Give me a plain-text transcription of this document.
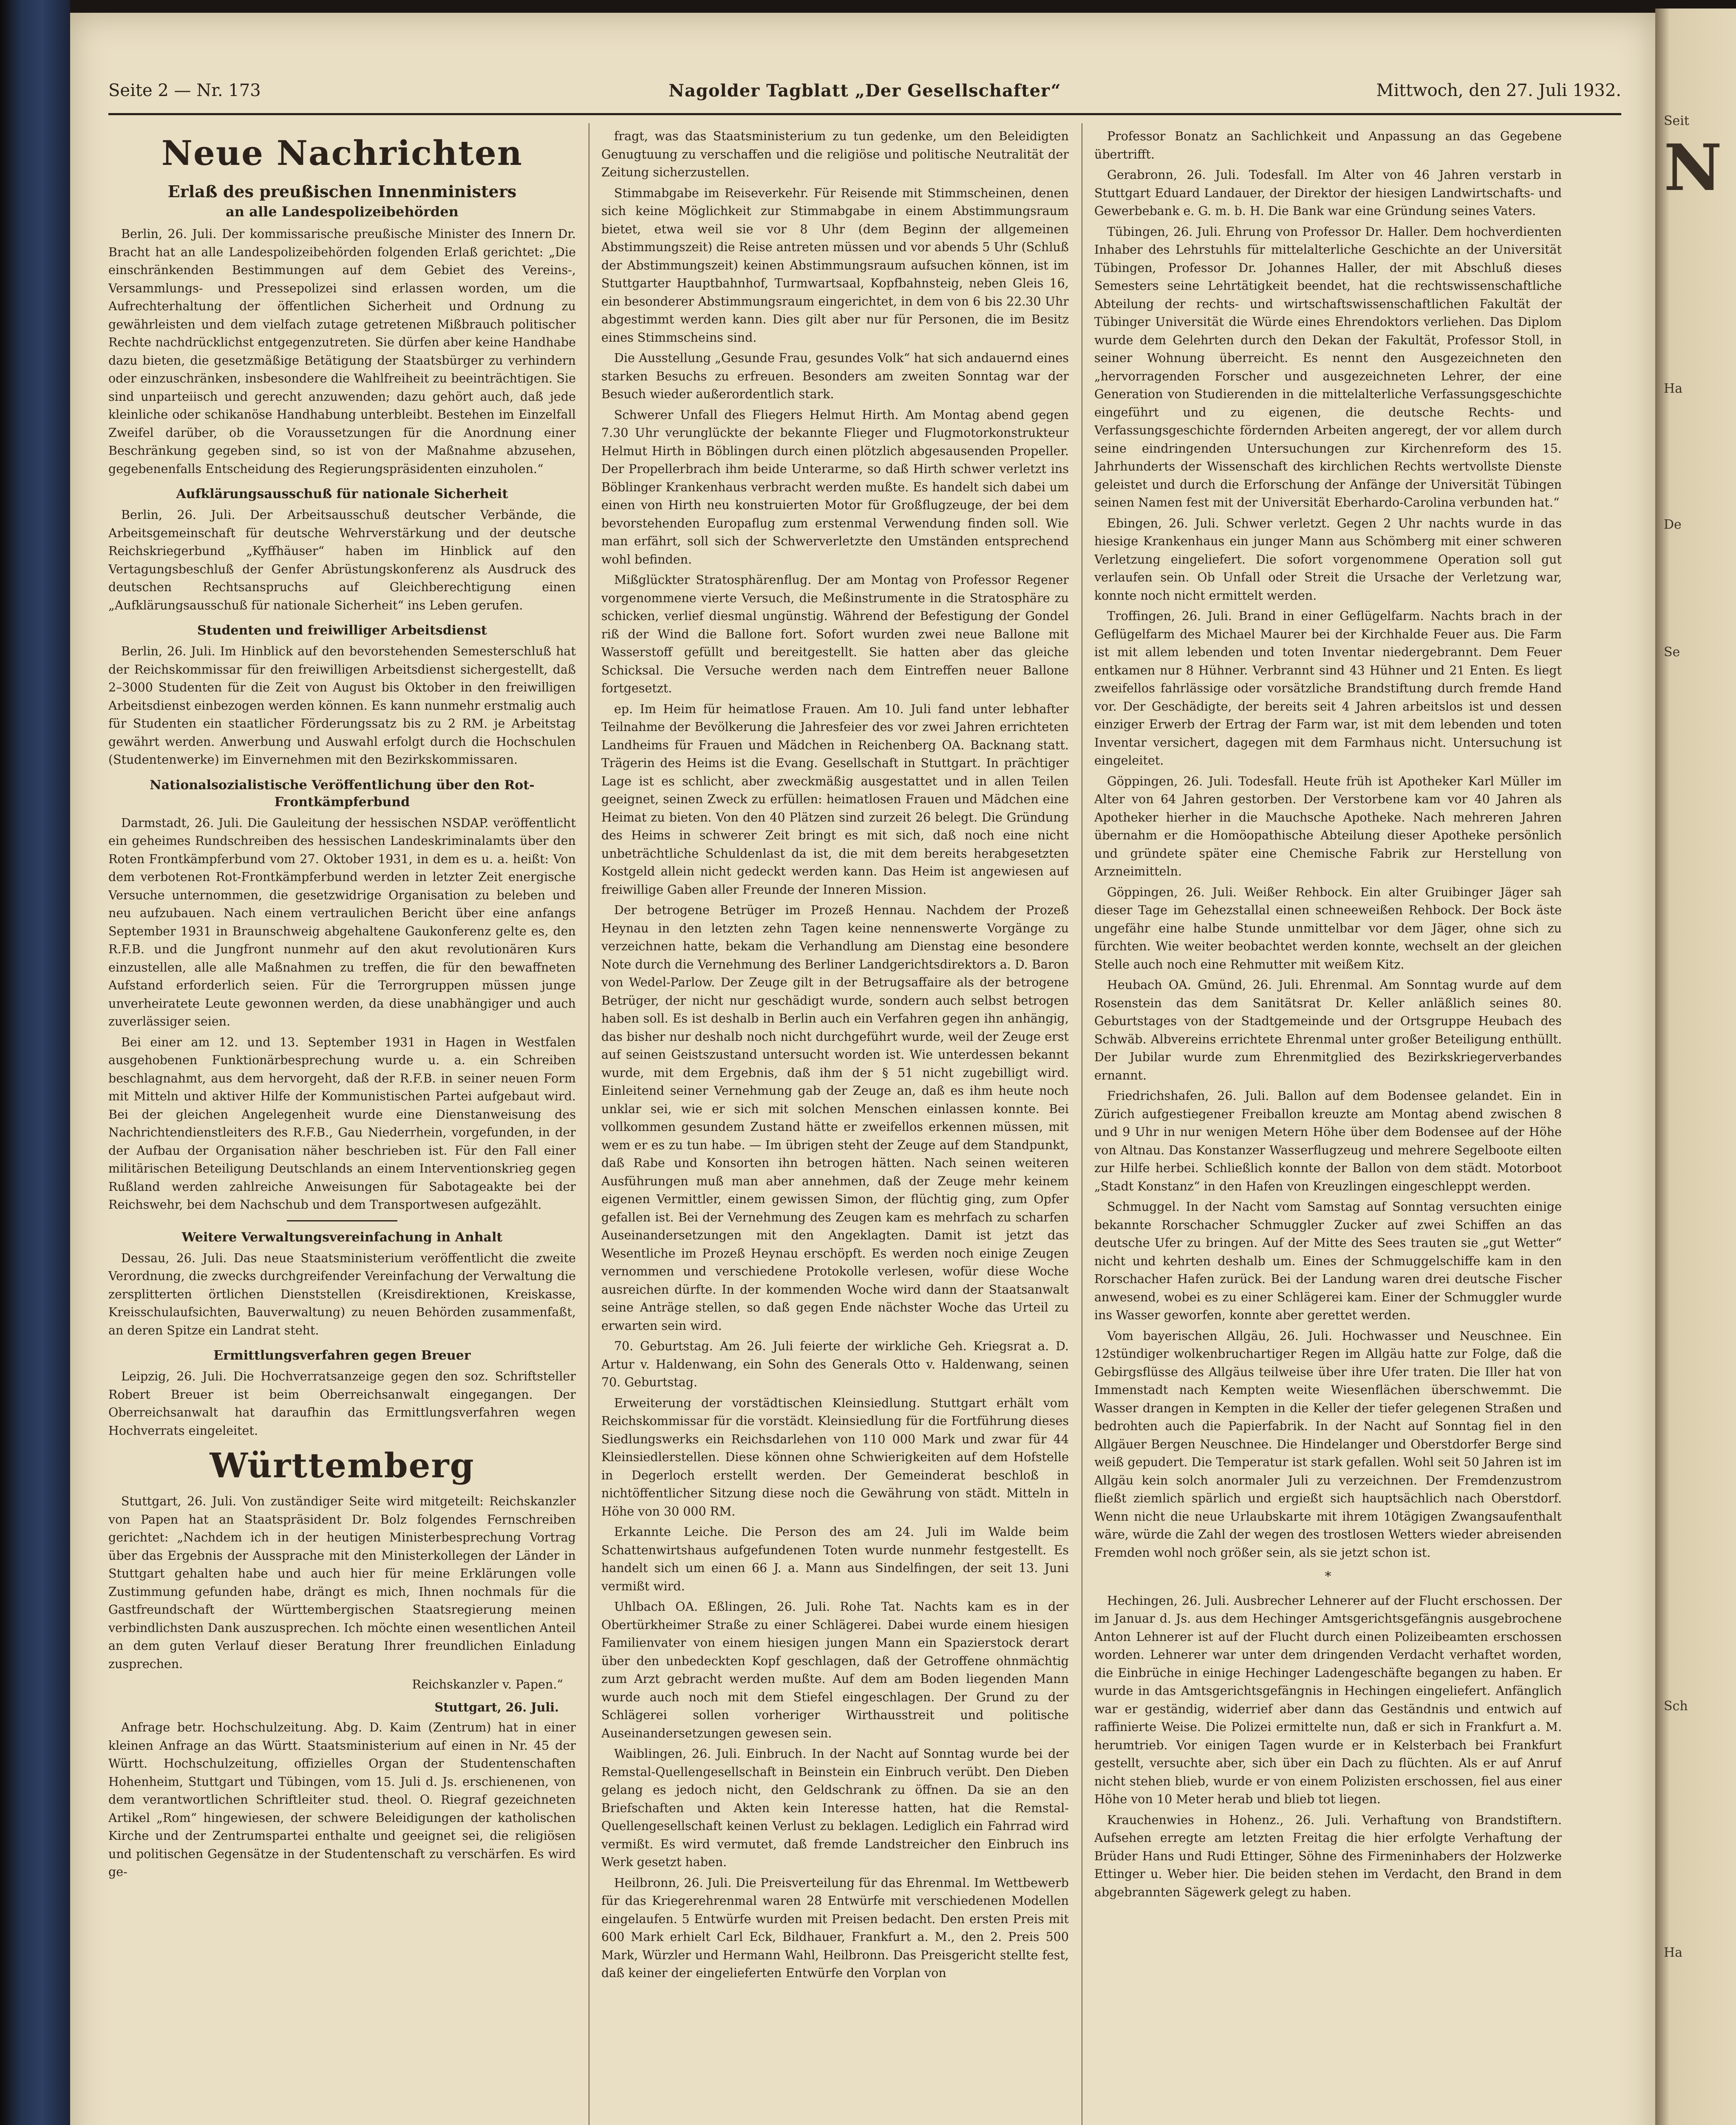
Seite 2 — Nr. 173	Nagolder Tagblatt „Der Gesellschafter“	Mittwoch, den 27. Juli 1932.
Neue Nachrichten
Erlaß des preußischen Innenministers
an alle Landespolizeibehörden

Berlin, 26. Juli. Der kommissarische preußische Minister des Innern Dr. Bracht hat an alle Landespolizeibehörden folgenden Erlaß gerichtet: „Die einschränkenden Bestimmungen auf dem Gebiet des Vereins-, Versammlungs- und Pressepolizei sind erlassen worden, um die Aufrechterhaltung der öffentlichen Sicherheit und Ordnung zu gewährleisten und dem vielfach zutage getretenen Mißbrauch politischer Rechte nachdrücklichst entgegenzutreten. Sie dürfen aber keine Handhabe dazu bieten, die gesetzmäßige Betätigung der Staatsbürger zu verhindern oder einzuschränken, insbesondere die Wahlfreiheit zu beeinträchtigen. Sie sind unparteiisch und gerecht anzuwenden; dazu gehört auch, daß jede kleinliche oder schikanöse Handhabung unterbleibt. Bestehen im Einzelfall Zweifel darüber, ob die Voraussetzungen für die Anordnung einer Beschränkung gegeben sind, so ist von der Maßnahme abzusehen, gegebenenfalls Entscheidung des Regierungspräsidenten einzuholen.“

Aufklärungsausschuß für nationale Sicherheit

Berlin, 26. Juli. Der Arbeitsausschuß deutscher Verbände, die Arbeitsgemeinschaft für deutsche Wehrverstärkung und der deutsche Reichskriegerbund „Kyffhäuser“ haben im Hinblick auf den Vertagungsbeschluß der Genfer Abrüstungskonferenz als Ausdruck des deutschen Rechtsanspruchs auf Gleichberechtigung einen „Aufklärungsausschuß für nationale Sicherheit“ ins Leben gerufen.

Studenten und freiwilliger Arbeitsdienst

Berlin, 26. Juli. Im Hinblick auf den bevorstehenden Semesterschluß hat der Reichskommissar für den freiwilligen Arbeitsdienst sichergestellt, daß 2–3000 Studenten für die Zeit von August bis Oktober in den freiwilligen Arbeitsdienst einbezogen werden können. Es kann nunmehr erstmalig auch für Studenten ein staatlicher Förderungssatz bis zu 2 RM. je Arbeitstag gewährt werden. Anwerbung und Auswahl erfolgt durch die Hochschulen (Studentenwerke) im Einvernehmen mit den Bezirkskommissaren.

Nationalsozialistische Veröffentlichung über den Rot-Frontkämpferbund

Darmstadt, 26. Juli. Die Gauleitung der hessischen NSDAP. veröffentlicht ein geheimes Rundschreiben des hessischen Landeskriminalamts über den Roten Frontkämpferbund vom 27. Oktober 1931, in dem es u. a. heißt: Von dem verbotenen Rot-Frontkämpferbund werden in letzter Zeit energische Versuche unternommen, die gesetzwidrige Organisation zu beleben und neu aufzubauen. Nach einem vertraulichen Bericht über eine anfangs September 1931 in Braunschweig abgehaltene Gaukonferenz gelte es, den R.F.B. und die Jungfront nunmehr auf den akut revolutionären Kurs einzustellen, alle alle Maßnahmen zu treffen, die für den bewaffneten Aufstand erforderlich seien. Für die Terrorgruppen müssen junge unverheiratete Leute gewonnen werden, da diese unabhängiger und auch zuverlässiger seien.

Bei einer am 12. und 13. September 1931 in Hagen in Westfalen ausgehobenen Funktionärbesprechung wurde u. a. ein Schreiben beschlagnahmt, aus dem hervorgeht, daß der R.F.B. in seiner neuen Form mit Mitteln und aktiver Hilfe der Kommunistischen Partei aufgebaut wird. Bei der gleichen Angelegenheit wurde eine Dienstanweisung des Nachrichtendienstleiters des R.F.B., Gau Niederrhein, vorgefunden, in der der Aufbau der Organisation näher beschrieben ist. Für den Fall einer militärischen Beteiligung Deutschlands an einem Interventionskrieg gegen Rußland werden zahlreiche Anweisungen für Sabotageakte bei der Reichswehr, bei dem Nachschub und dem Transportwesen aufgezählt.

Weitere Verwaltungsvereinfachung in Anhalt

Dessau, 26. Juli. Das neue Staatsministerium veröffentlicht die zweite Verordnung, die zwecks durchgreifender Vereinfachung der Verwaltung die zersplitterten örtlichen Dienststellen (Kreisdirektionen, Kreiskasse, Kreisschulaufsichten, Bauverwaltung) zu neuen Behörden zusammenfaßt, an deren Spitze ein Landrat steht.

Ermittlungsverfahren gegen Breuer

Leipzig, 26. Juli. Die Hochverratsanzeige gegen den soz. Schriftsteller Robert Breuer ist beim Oberreichsanwalt eingegangen. Der Oberreichsanwalt hat daraufhin das Ermittlungsverfahren wegen Hochverrats eingeleitet.

Württemberg

Stuttgart, 26. Juli. Von zuständiger Seite wird mitgeteilt: Reichskanzler von Papen hat an Staatspräsident Dr. Bolz folgendes Fernschreiben gerichtet: „Nachdem ich in der heutigen Ministerbesprechung Vortrag über das Ergebnis der Aussprache mit den Ministerkollegen der Länder in Stuttgart gehalten habe und auch hier für meine Erklärungen volle Zustimmung gefunden habe, drängt es mich, Ihnen nochmals für die Gastfreundschaft der Württembergischen Staatsregierung meinen verbindlichsten Dank auszusprechen. Ich möchte einen wesentlichen Anteil an dem guten Verlauf dieser Beratung Ihrer freundlichen Einladung zusprechen.

Reichskanzler v. Papen.“
Stuttgart, 26. Juli.

Anfrage betr. Hochschulzeitung. Abg. D. Kaim (Zentrum) hat in einer kleinen Anfrage an das Württ. Staatsministerium auf einen in Nr. 45 der Württ. Hochschulzeitung, offizielles Organ der Studentenschaften Hohenheim, Stuttgart und Tübingen, vom 15. Juli d. Js. erschienenen, von dem verantwortlichen Schriftleiter stud. theol. O. Riegraf gezeichneten Artikel „Rom“ hingewiesen, der schwere Beleidigungen der katholischen Kirche und der Zentrumspartei enthalte und geeignet sei, die religiösen und politischen Gegensätze in der Studentenschaft zu verschärfen. Es wird ge-

fragt, was das Staatsministerium zu tun gedenke, um den Beleidigten Genugtuung zu verschaffen und die religiöse und politische Neutralität der Zeitung sicherzustellen.

Stimmabgabe im Reiseverkehr. Für Reisende mit Stimmscheinen, denen sich keine Möglichkeit zur Stimmabgabe in einem Abstimmungsraum bietet, etwa weil sie vor 8 Uhr (dem Beginn der allgemeinen Abstimmungszeit) die Reise antreten müssen und vor abends 5 Uhr (Schluß der Abstimmungszeit) keinen Abstimmungsraum aufsuchen können, ist im Stuttgarter Hauptbahnhof, Turmwartsaal, Kopfbahnsteig, neben Gleis 16, ein besonderer Abstimmungsraum eingerichtet, in dem von 6 bis 22.30 Uhr abgestimmt werden kann. Dies gilt aber nur für Personen, die im Besitz eines Stimmscheins sind.

Die Ausstellung „Gesunde Frau, gesundes Volk“ hat sich andauernd eines starken Besuchs zu erfreuen. Besonders am zweiten Sonntag war der Besuch wieder außerordentlich stark.

Schwerer Unfall des Fliegers Helmut Hirth. Am Montag abend gegen 7.30 Uhr verunglückte der bekannte Flieger und Flugmotorkonstrukteur Helmut Hirth in Böblingen durch einen plötzlich abgesausenden Propeller. Der Propellerbrach ihm beide Unterarme, so daß Hirth schwer verletzt ins Böblinger Krankenhaus verbracht werden mußte. Es handelt sich dabei um einen von Hirth neu konstruierten Motor für Großflugzeuge, der bei dem bevorstehenden Europaflug zum erstenmal Verwendung finden soll. Wie man erfährt, soll sich der Schwerverletzte den Umständen entsprechend wohl befinden.

Mißglückter Stratosphärenflug. Der am Montag von Professor Regener vorgenommene vierte Versuch, die Meßinstrumente in die Stratosphäre zu schicken, verlief diesmal ungünstig. Während der Befestigung der Gondel riß der Wind die Ballone fort. Sofort wurden zwei neue Ballone mit Wasserstoff gefüllt und bereitgestellt. Sie hatten aber das gleiche Schicksal. Die Versuche werden nach dem Eintreffen neuer Ballone fortgesetzt.

ep. Im Heim für heimatlose Frauen. Am 10. Juli fand unter lebhafter Teilnahme der Bevölkerung die Jahresfeier des vor zwei Jahren errichteten Landheims für Frauen und Mädchen in Reichenberg OA. Backnang statt. Trägerin des Heims ist die Evang. Gesellschaft in Stuttgart. In prächtiger Lage ist es schlicht, aber zweckmäßig ausgestattet und in allen Teilen geeignet, seinen Zweck zu erfüllen: heimatlosen Frauen und Mädchen eine Heimat zu bieten. Von den 40 Plätzen sind zurzeit 26 belegt. Die Gründung des Heims in schwerer Zeit bringt es mit sich, daß noch eine nicht unbeträchtliche Schuldenlast da ist, die mit dem bereits herabgesetzten Kostgeld allein nicht gedeckt werden kann. Das Heim ist angewiesen auf freiwillige Gaben aller Freunde der Inneren Mission.

Der betrogene Betrüger im Prozeß Hennau. Nachdem der Prozeß Heynau in den letzten zehn Tagen keine nennenswerte Vorgänge zu verzeichnen hatte, bekam die Verhandlung am Dienstag eine besondere Note durch die Vernehmung des Berliner Landgerichtsdirektors a. D. Baron von Wedel-Parlow. Der Zeuge gilt in der Betrugsaffaire als der betrogene Betrüger, der nicht nur geschädigt wurde, sondern auch selbst betrogen haben soll. Es ist deshalb in Berlin auch ein Verfahren gegen ihn anhängig, das bisher nur deshalb noch nicht durchgeführt wurde, weil der Zeuge erst auf seinen Geistszustand untersucht worden ist. Wie unterdessen bekannt wurde, mit dem Ergebnis, daß ihm der § 51 nicht zugebilligt wird. Einleitend seiner Vernehmung gab der Zeuge an, daß es ihm heute noch unklar sei, wie er sich mit solchen Menschen einlassen konnte. Bei vollkommen gesundem Zustand hätte er zweifellos erkennen müssen, mit wem er es zu tun habe. — Im übrigen steht der Zeuge auf dem Standpunkt, daß Rabe und Konsorten ihn betrogen hätten. Nach seinen weiteren Ausführungen muß man aber annehmen, daß der Zeuge mehr keinem eigenen Vermittler, einem gewissen Simon, der flüchtig ging, zum Opfer gefallen ist. Bei der Vernehmung des Zeugen kam es mehrfach zu scharfen Auseinandersetzungen mit den Angeklagten. Damit ist jetzt das Wesentliche im Prozeß Heynau erschöpft. Es werden noch einige Zeugen vernommen und verschiedene Protokolle verlesen, wofür diese Woche ausreichen dürfte. In der kommenden Woche wird dann der Staatsanwalt seine Anträge stellen, so daß gegen Ende nächster Woche das Urteil zu erwarten sein wird.

70. Geburtstag. Am 26. Juli feierte der wirkliche Geh. Kriegsrat a. D. Artur v. Haldenwang, ein Sohn des Generals Otto v. Haldenwang, seinen 70. Geburtstag.

Erweiterung der vorstädtischen Kleinsiedlung. Stuttgart erhält vom Reichskommissar für die vorstädt. Kleinsiedlung für die Fortführung dieses Siedlungswerks ein Reichsdarlehen von 110 000 Mark und zwar für 44 Kleinsiedlerstellen. Diese können ohne Schwierigkeiten auf dem Hofstelle in Degerloch erstellt werden. Der Gemeinderat beschloß in nichtöffentlicher Sitzung diese noch die Gewährung von städt. Mitteln in Höhe von 30 000 RM.

Erkannte Leiche. Die Person des am 24. Juli im Walde beim Schattenwirtshaus aufgefundenen Toten wurde nunmehr festgestellt. Es handelt sich um einen 66 J. a. Mann aus Sindelfingen, der seit 13. Juni vermißt wird.

Uhlbach OA. Eßlingen, 26. Juli. Rohe Tat. Nachts kam es in der Obertürkheimer Straße zu einer Schlägerei. Dabei wurde einem hiesigen Familienvater von einem hiesigen jungen Mann ein Spazierstock derart über den unbedeckten Kopf geschlagen, daß der Getroffene ohnmächtig zum Arzt gebracht werden mußte. Auf dem am Boden liegenden Mann wurde auch noch mit dem Stiefel eingeschlagen. Der Grund zu der Schlägerei sollen vorheriger Wirthausstreit und politische Auseinandersetzungen gewesen sein.

Waiblingen, 26. Juli. Einbruch. In der Nacht auf Sonntag wurde bei der Remstal-Quellengesellschaft in Beinstein ein Einbruch verübt. Den Dieben gelang es jedoch nicht, den Geldschrank zu öffnen. Da sie an den Briefschaften und Akten kein Interesse hatten, hat die Remstal-Quellengesellschaft keinen Verlust zu beklagen. Lediglich ein Fahrrad wird vermißt. Es wird vermutet, daß fremde Landstreicher den Einbruch ins Werk gesetzt haben.

Heilbronn, 26. Juli. Die Preisverteilung für das Ehrenmal. Im Wettbewerb für das Kriegerehrenmal waren 28 Entwürfe mit verschiedenen Modellen eingelaufen. 5 Entwürfe wurden mit Preisen bedacht. Den ersten Preis mit 600 Mark erhielt Carl Eck, Bildhauer, Frankfurt a. M., den 2. Preis 500 Mark, Würzler und Hermann Wahl, Heilbronn. Das Preisgericht stellte fest, daß keiner der eingelieferten Entwürfe den Vorplan von

Professor Bonatz an Sachlichkeit und Anpassung an das Gegebene übertrifft.

Gerabronn, 26. Juli. Todesfall. Im Alter von 46 Jahren verstarb in Stuttgart Eduard Landauer, der Direktor der hiesigen Landwirtschafts- und Gewerbebank e. G. m. b. H. Die Bank war eine Gründung seines Vaters.

Tübingen, 26. Juli. Ehrung von Professor Dr. Haller. Dem hochverdienten Inhaber des Lehrstuhls für mittelalterliche Geschichte an der Universität Tübingen, Professor Dr. Johannes Haller, der mit Abschluß dieses Semesters seine Lehrtätigkeit beendet, hat die rechtswissenschaftliche Abteilung der rechts- und wirtschaftswissenschaftlichen Fakultät der Tübinger Universität die Würde eines Ehrendoktors verliehen. Das Diplom wurde dem Gelehrten durch den Dekan der Fakultät, Professor Stoll, in seiner Wohnung überreicht. Es nennt den Ausgezeichneten den „hervorragenden Forscher und ausgezeichneten Lehrer, der eine Generation von Studierenden in die mittelalterliche Verfassungsgeschichte eingeführt und zu eigenen, die deutsche Rechts- und Verfassungsgeschichte fördernden Arbeiten angeregt, der vor allem durch seine eindringenden Untersuchungen zur Kirchenreform des 15. Jahrhunderts der Wissenschaft des kirchlichen Rechts wertvollste Dienste geleistet und durch die Erforschung der Anfänge der Universität Tübingen seinen Namen fest mit der Universität Eberhardo-Carolina verbunden hat.“

Ebingen, 26. Juli. Schwer verletzt. Gegen 2 Uhr nachts wurde in das hiesige Krankenhaus ein junger Mann aus Schömberg mit einer schweren Verletzung eingeliefert. Die sofort vorgenommene Operation soll gut verlaufen sein. Ob Unfall oder Streit die Ursache der Verletzung war, konnte noch nicht ermittelt werden.

Troffingen, 26. Juli. Brand in einer Geflügelfarm. Nachts brach in der Geflügelfarm des Michael Maurer bei der Kirchhalde Feuer aus. Die Farm ist mit allem lebenden und toten Inventar niedergebrannt. Dem Feuer entkamen nur 8 Hühner. Verbrannt sind 43 Hühner und 21 Enten. Es liegt zweifellos fahrlässige oder vorsätzliche Brandstiftung durch fremde Hand vor. Der Geschädigte, der bereits seit 4 Jahren arbeitslos ist und dessen einziger Erwerb der Ertrag der Farm war, ist mit dem lebenden und toten Inventar versichert, dagegen mit dem Farmhaus nicht. Untersuchung ist eingeleitet.

Göppingen, 26. Juli. Todesfall. Heute früh ist Apotheker Karl Müller im Alter von 64 Jahren gestorben. Der Verstorbene kam vor 40 Jahren als Apotheker hierher in die Mauchsche Apotheke. Nach mehreren Jahren übernahm er die Homöopathische Abteilung dieser Apotheke persönlich und gründete später eine Chemische Fabrik zur Herstellung von Arzneimitteln.

Göppingen, 26. Juli. Weißer Rehbock. Ein alter Gruibinger Jäger sah dieser Tage im Gehezstallal einen schneeweißen Rehbock. Der Bock äste ungefähr eine halbe Stunde unmittelbar vor dem Jäger, ohne sich zu fürchten. Wie weiter beobachtet werden konnte, wechselt an der gleichen Stelle auch noch eine Rehmutter mit weißem Kitz.

Heubach OA. Gmünd, 26. Juli. Ehrenmal. Am Sonntag wurde auf dem Rosenstein das dem Sanitätsrat Dr. Keller anläßlich seines 80. Geburtstages von der Stadtgemeinde und der Ortsgruppe Heubach des Schwäb. Albvereins errichtete Ehrenmal unter großer Beteiligung enthüllt. Der Jubilar wurde zum Ehrenmitglied des Bezirkskriegerverbandes ernannt.

Friedrichshafen, 26. Juli. Ballon auf dem Bodensee gelandet. Ein in Zürich aufgestiegener Freiballon kreuzte am Montag abend zwischen 8 und 9 Uhr in nur wenigen Metern Höhe über dem Bodensee auf der Höhe von Altnau. Das Konstanzer Wasserflugzeug und mehrere Segelboote eilten zur Hilfe herbei. Schließlich konnte der Ballon von dem städt. Motorboot „Stadt Konstanz“ in den Hafen von Kreuzlingen eingeschleppt werden.

Schmuggel. In der Nacht vom Samstag auf Sonntag versuchten einige bekannte Rorschacher Schmuggler Zucker auf zwei Schiffen an das deutsche Ufer zu bringen. Auf der Mitte des Sees trauten sie „gut Wetter“ nicht und kehrten deshalb um. Eines der Schmuggelschiffe kam in den Rorschacher Hafen zurück. Bei der Landung waren drei deutsche Fischer anwesend, wobei es zu einer Schlägerei kam. Einer der Schmuggler wurde ins Wasser geworfen, konnte aber gerettet werden.

Vom bayerischen Allgäu, 26. Juli. Hochwasser und Neuschnee. Ein 12stündiger wolkenbruchartiger Regen im Allgäu hatte zur Folge, daß die Gebirgsflüsse des Allgäus teilweise über ihre Ufer traten. Die Iller hat von Immenstadt nach Kempten weite Wiesenflächen überschwemmt. Die Wasser drangen in Kempten in die Keller der tiefer gelegenen Straßen und bedrohten auch die Papierfabrik. In der Nacht auf Sonntag fiel in den Allgäuer Bergen Neuschnee. Die Hindelanger und Oberstdorfer Berge sind weiß gepudert. Die Temperatur ist stark gefallen. Wohl seit 50 Jahren ist im Allgäu kein solch anormaler Juli zu verzeichnen. Der Fremdenzustrom fließt ziemlich spärlich und ergießt sich hauptsächlich nach Oberstdorf. Wenn nicht die neue Urlaubskarte mit ihrem 10tägigen Zwangsaufenthalt wäre, würde die Zahl der wegen des trostlosen Wetters wieder abreisenden Fremden wohl noch größer sein, als sie jetzt schon ist.

*

Hechingen, 26. Juli. Ausbrecher Lehnerer auf der Flucht erschossen. Der im Januar d. Js. aus dem Hechinger Amtsgerichtsgefängnis ausgebrochene Anton Lehnerer ist auf der Flucht durch einen Polizeibeamten erschossen worden. Lehnerer war unter dem dringenden Verdacht verhaftet worden, die Einbrüche in einige Hechinger Ladengeschäfte begangen zu haben. Er wurde in das Amtsgerichtsgefängnis in Hechingen eingeliefert. Anfänglich war er geständig, widerrief aber dann das Geständnis und entwich auf raffinierte Weise. Die Polizei ermittelte nun, daß er sich in Frankfurt a. M. herumtrieb. Vor einigen Tagen wurde er in Kelsterbach bei Frankfurt gestellt, versuchte aber, sich über ein Dach zu flüchten. Als er auf Anruf nicht stehen blieb, wurde er von einem Polizisten erschossen, fiel aus einer Höhe von 10 Meter herab und blieb tot liegen.

Krauchenwies in Hohenz., 26. Juli. Verhaftung von Brandstiftern. Aufsehen erregte am letzten Freitag die hier erfolgte Verhaftung der Brüder Hans und Rudi Ettinger, Söhne des Firmeninhabers der Holzwerke Ettinger u. Weber hier. Die beiden stehen im Verdacht, den Brand in dem abgebrannten Sägewerk gelegt zu haben.

Seit
N
Ha
De
Se
Sch
Ha
